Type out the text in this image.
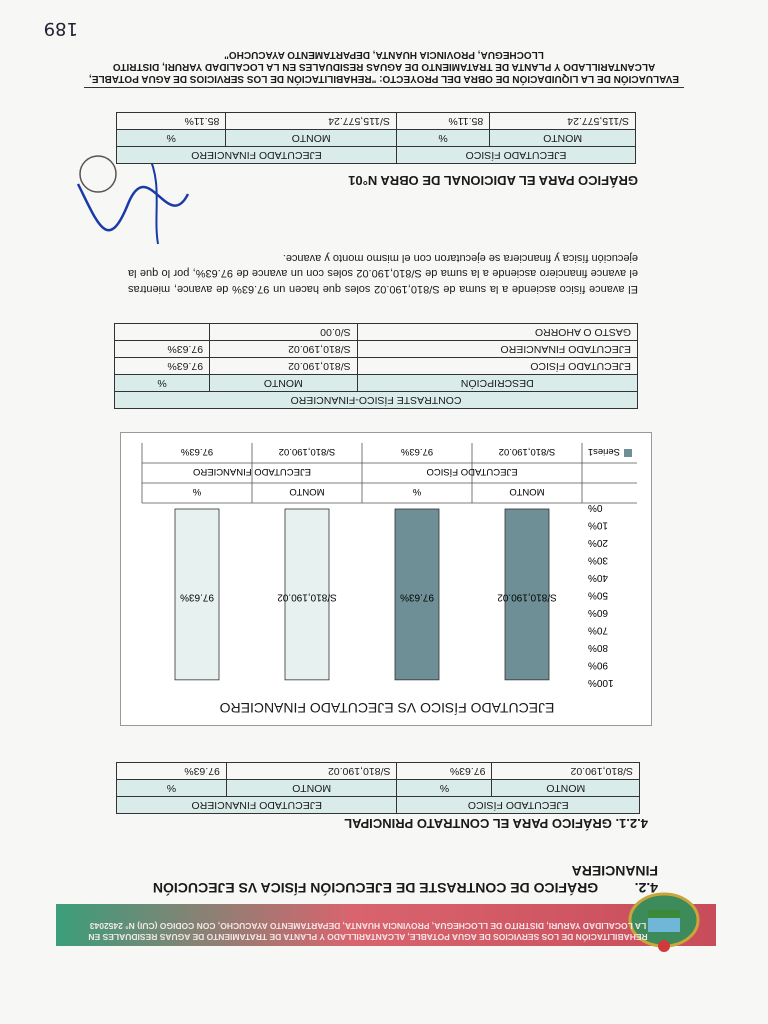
REHABILITACIÓN DE LOS SERVICIOS DE AGUA POTABLE, ALCANTARILLADO Y PLANTA DE TRATAMIENTO DE AGUAS RESIDUALES EN LA LOCALIDAD YARURI, DISTRITO DE LLOCHEGUA, PROVINCIA HUANTA, DEPARTAMENTO AYACUCHO, CON CODIGO (CUI) N° 2452043
4.2. GRÁFICO DE CONTRASTE DE EJECUCIÓN FÍSICA VS EJECUCIÓN FINANCIERA
4.2.1. GRÁFICO PARA EL CONTRATO PRINCIPAL
EJECUTADO FÍSICO		EJECUTADO FINANCIERO	
MONTO	%	MONTO	%
S/810,190.02	97.63%	S/810,190.02	97.63%
EJECUTADO FÍSICO VS EJECUTADO FINANCIERO
0%
10%
20%
30%
40%
50%
60%
70%
80%
90%
100%
S/810,190.02
97.63%
S/810,190.02
97.63%
MONTO
%
MONTO
%
EJECUTADO FÍSICO
EJECUTADO FINANCIERO
Series1
S/810,190.02
97.63%
S/810,190.02
97.63%
CONTRASTE FÍSICO-FINANCIERO		
DESCRIPCIÓN	MONTO	%
EJECUTADO FÍSICO	S/810,190.02	97.63%
EJECUTADO FINANCIERO	S/810,190.02	97.63%
GASTO O AHORRO	S/0.00	
El avance físico asciende a la suma de S/810,190.02 soles que hacen un 97.63% de avance, mientras el avance financiero asciende a la suma de S/810,190.02 soles con un avance de 97.63%, por lo que la ejecución física y financiera se ejecutaron con el mismo monto y avance.
GRÁFICO PARA EL ADICIONAL DE OBRA N°01
EJECUTADO FÍSICO		EJECUTADO FINANCIERO	
MONTO	%	MONTO	%
S/115,577.24	85.11%	S/115,577.24	85.11%
EVALUACIÓN DE LA LIQUIDACIÓN DE OBRA DEL PROYECTO: "REHABILITACIÓN DE LOS SERVICIOS DE AGUA POTABLE, ALCANTARILLADO Y PLANTA DE TRATAMIENTO DE AGUAS RESIDUALES EN LA LOCALIDAD YARURI, DISTRITO LLOCHEGUA, PROVINCIA HUANTA, DEPARTAMENTO AYACUCHO"
189
